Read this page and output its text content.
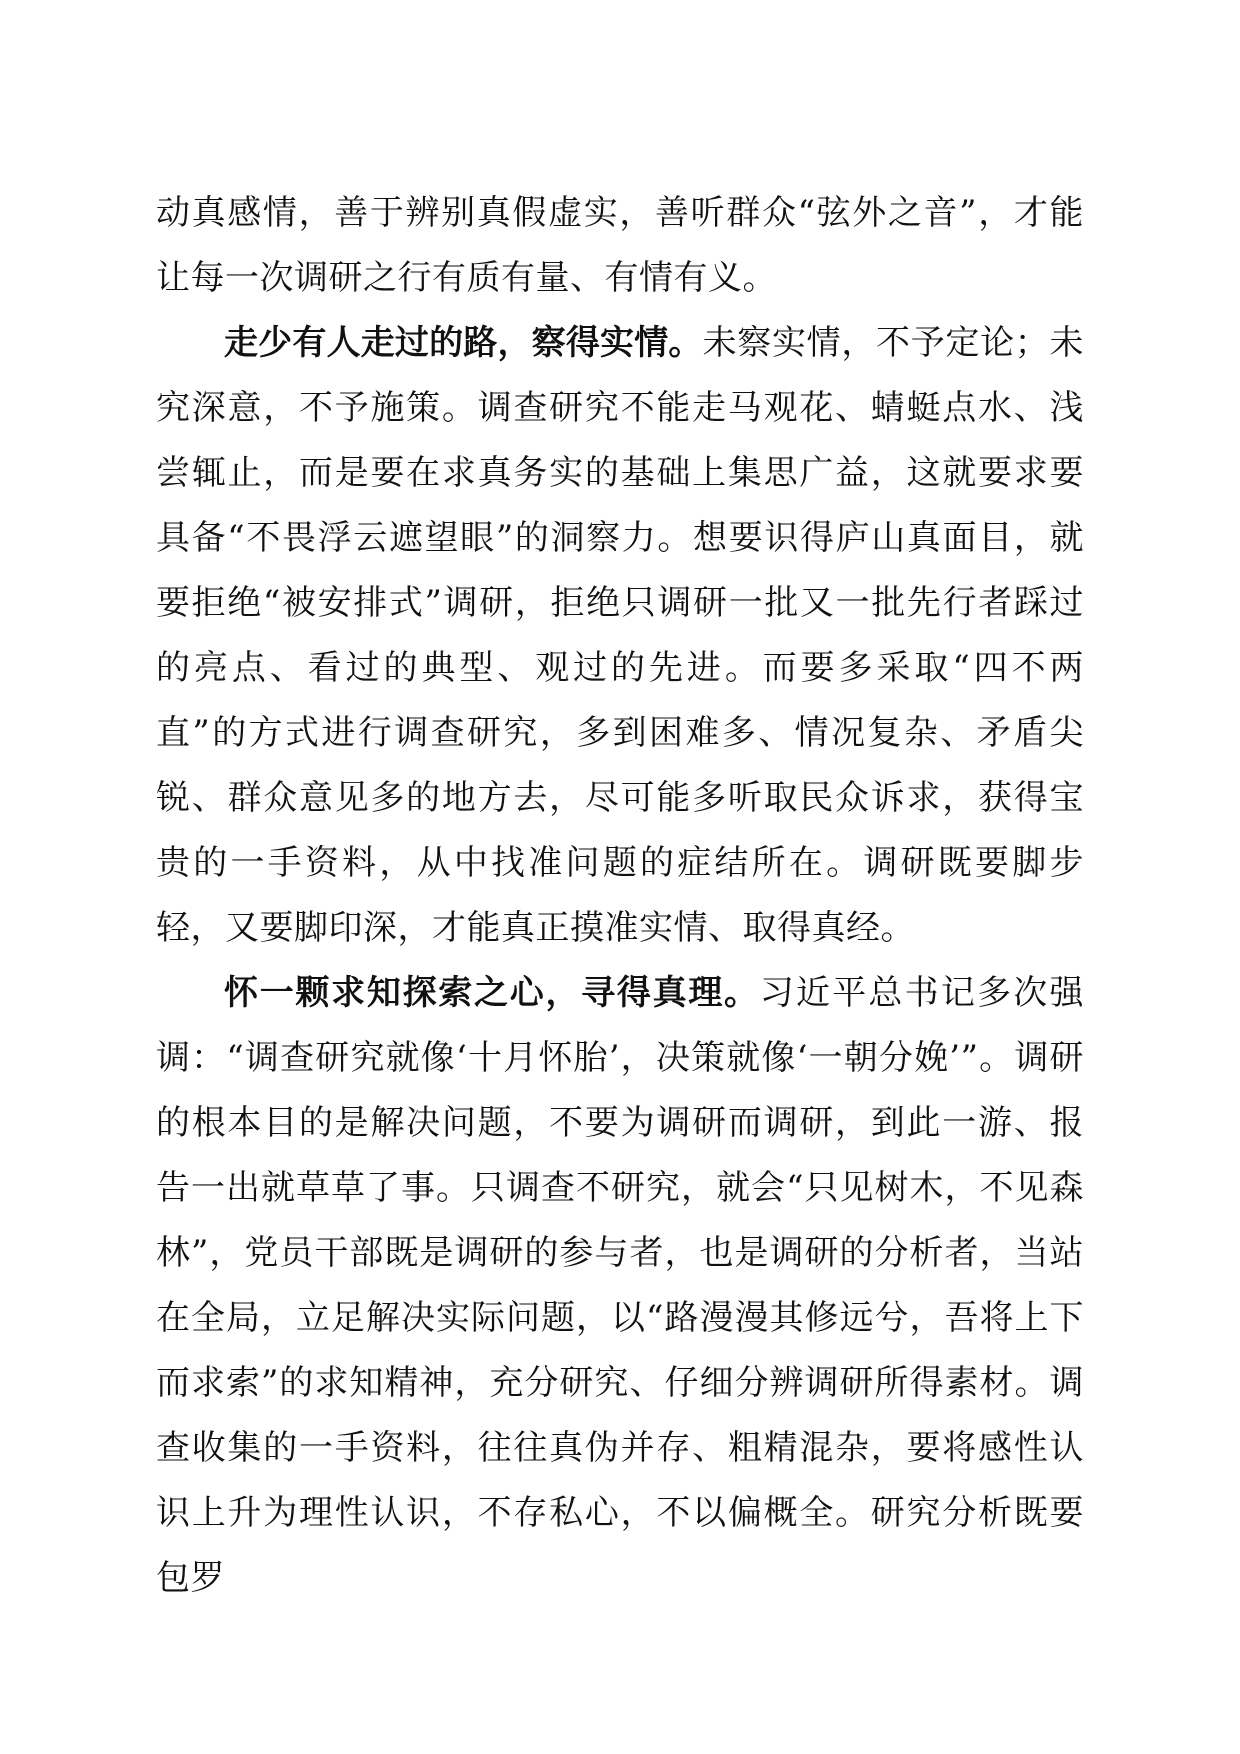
动真感情，善于辨别真假虚实，善听群众“弦外之音”，才能让每一次调研之行有质有量、有情有义。

走少有人走过的路，察得实情。未察实情，不予定论；未究深意，不予施策。调查研究不能走马观花、蜻蜓点水、浅尝辄止，而是要在求真务实的基础上集思广益，这就要求要具备“不畏浮云遮望眼”的洞察力。想要识得庐山真面目，就要拒绝“被安排式”调研，拒绝只调研一批又一批先行者踩过的亮点、看过的典型、观过的先进。而要多采取“四不两直”的方式进行调查研究，多到困难多、情况复杂、矛盾尖锐、群众意见多的地方去，尽可能多听取民众诉求，获得宝贵的一手资料，从中找准问题的症结所在。调研既要脚步轻，又要脚印深，才能真正摸准实情、取得真经。

怀一颗求知探索之心，寻得真理。习近平总书记多次强调：“调查研究就像‘十月怀胎’，决策就像‘一朝分娩’”。调研的根本目的是解决问题，不要为调研而调研，到此一游、报告一出就草草了事。只调查不研究，就会“只见树木，不见森林”，党员干部既是调研的参与者，也是调研的分析者，当站在全局，立足解决实际问题，以“路漫漫其修远兮，吾将上下而求索”的求知精神，充分研究、仔细分辨调研所得素材。调查收集的一手资料，往往真伪并存、粗精混杂，要将感性认识上升为理性认识，不存私心，不以偏概全。研究分析既要包罗
